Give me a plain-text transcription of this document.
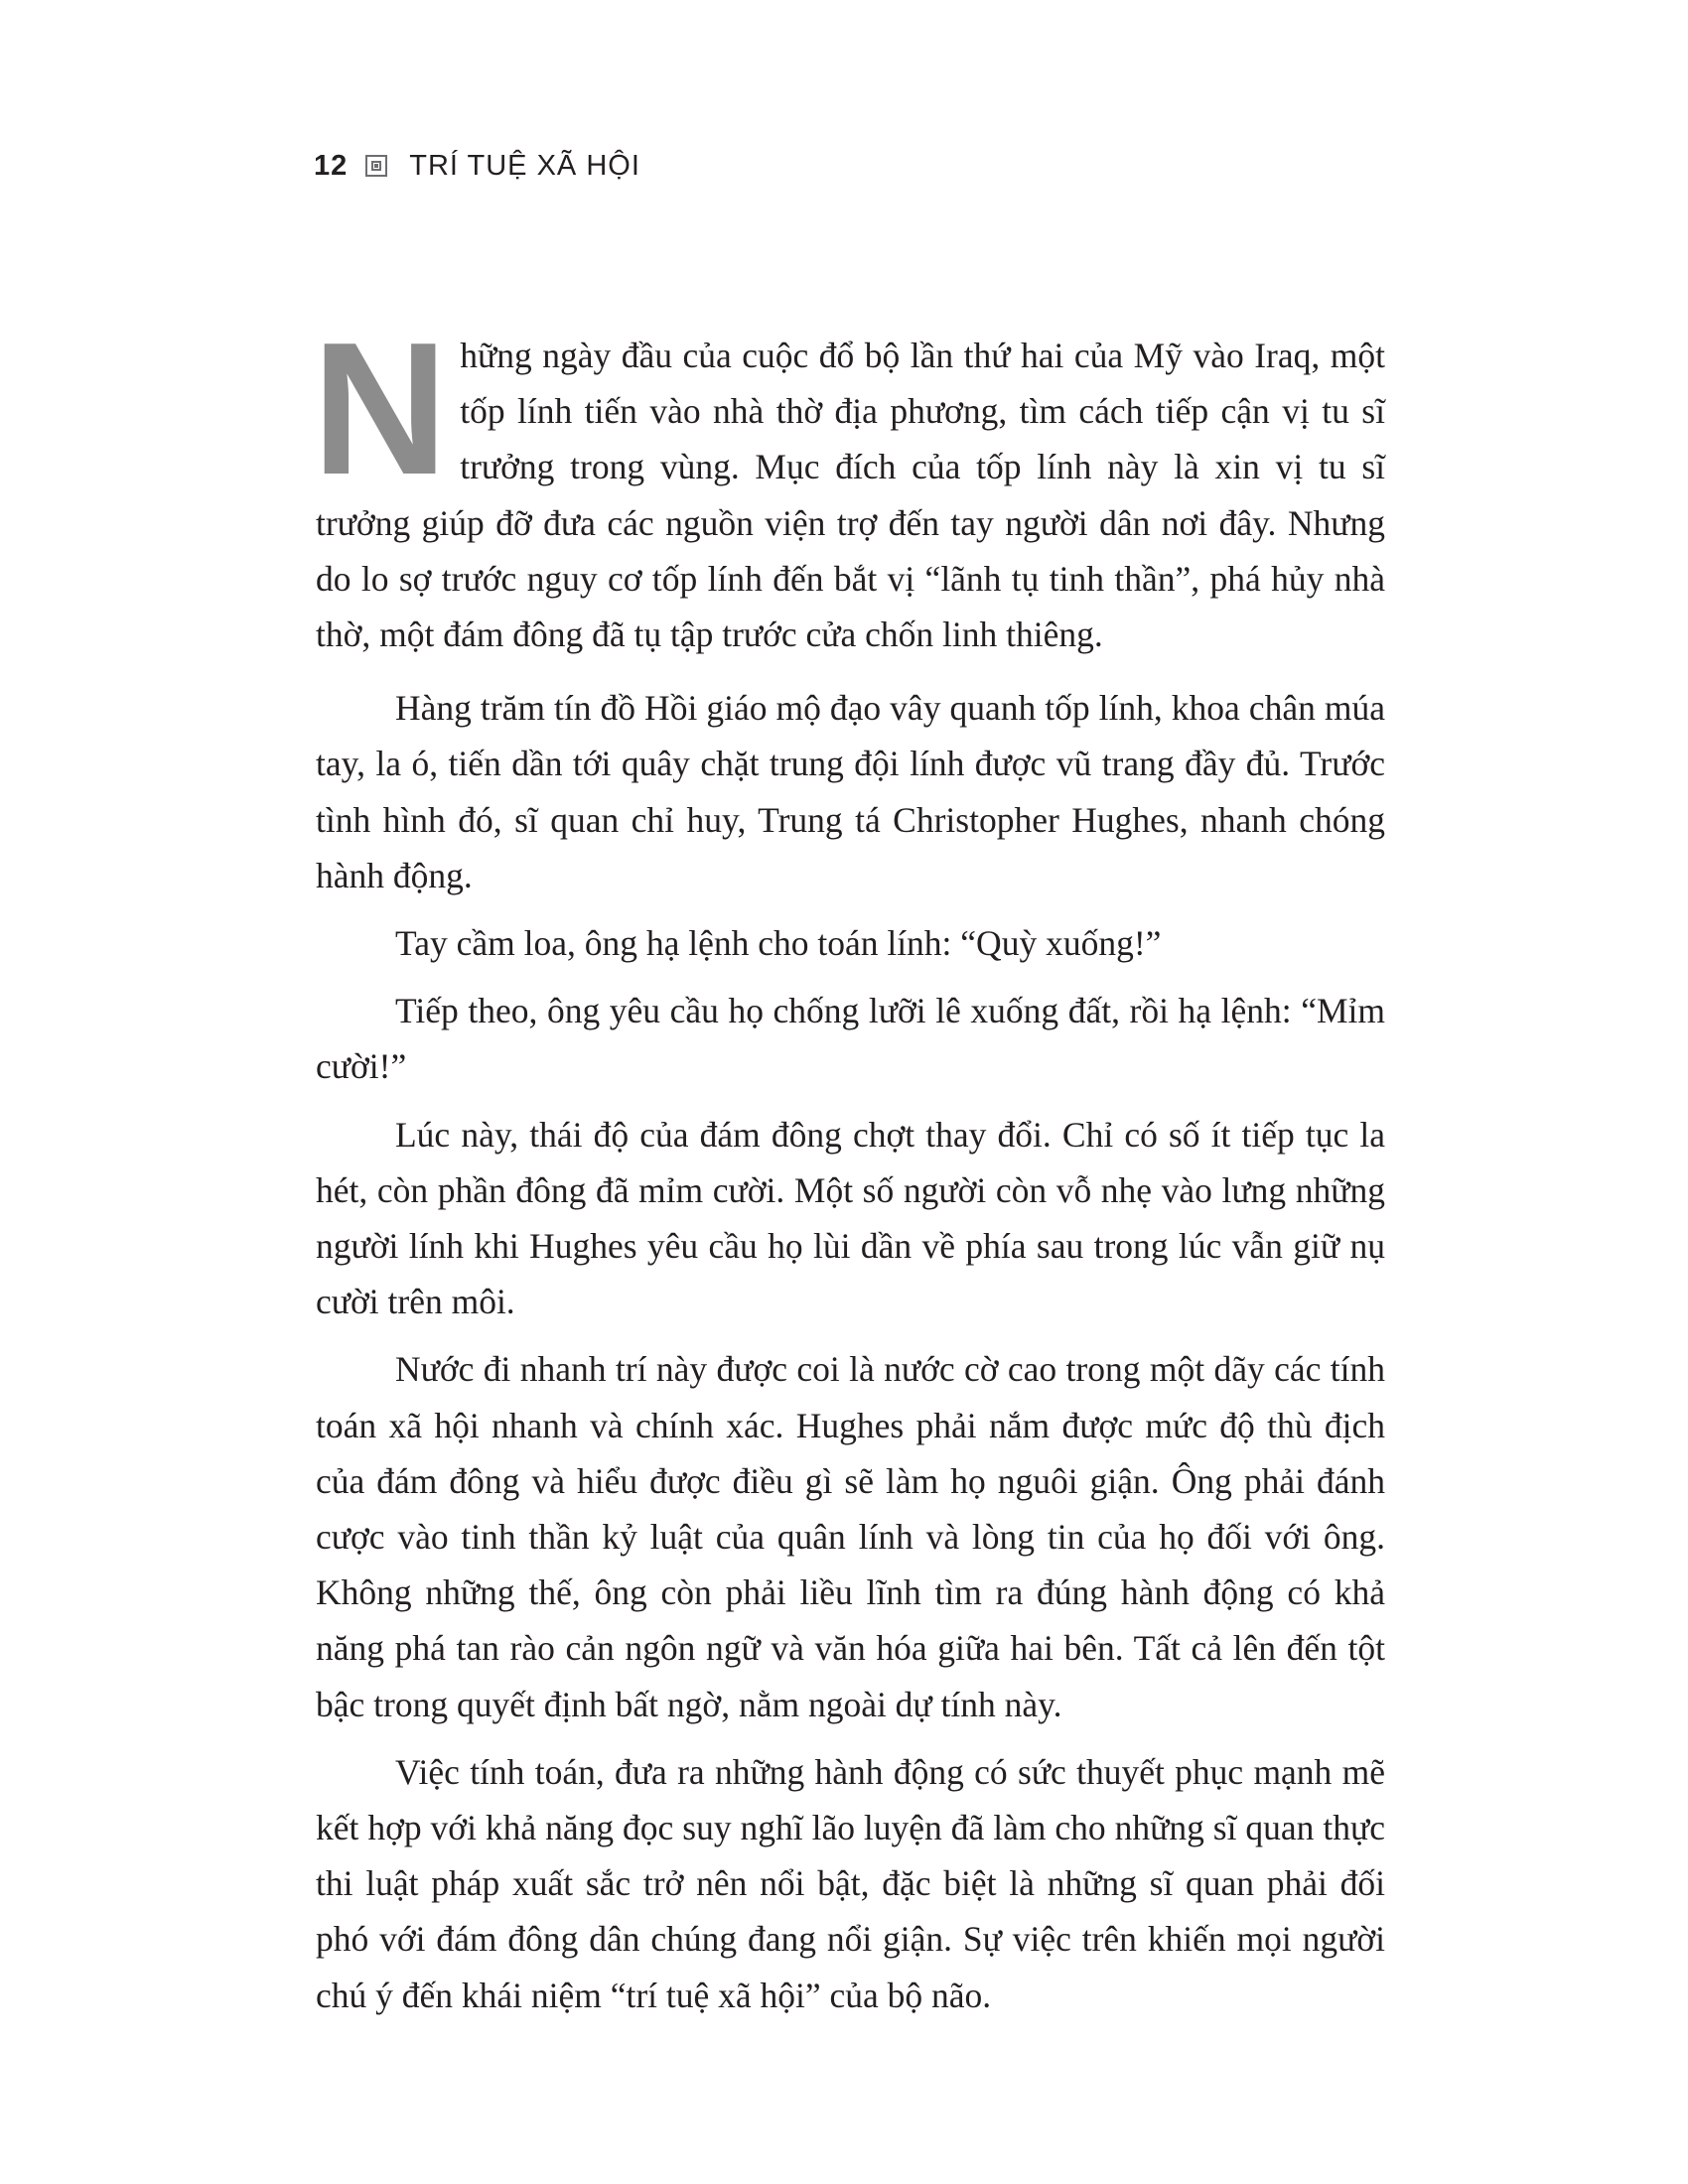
12 TRÍ TUỆ XÃ HỘI

Những ngày đầu của cuộc đổ bộ lần thứ hai của Mỹ vào Iraq, một tốp lính tiến vào nhà thờ địa phương, tìm cách tiếp cận vị tu sĩ trưởng trong vùng. Mục đích của tốp lính này là xin vị tu sĩ trưởng giúp đỡ đưa các nguồn viện trợ đến tay người dân nơi đây. Nhưng do lo sợ trước nguy cơ tốp lính đến bắt vị “lãnh tụ tinh thần”, phá hủy nhà thờ, một đám đông đã tụ tập trước cửa chốn linh thiêng.

Hàng trăm tín đồ Hồi giáo mộ đạo vây quanh tốp lính, khoa chân múa tay, la ó, tiến dần tới quây chặt trung đội lính được vũ trang đầy đủ. Trước tình hình đó, sĩ quan chỉ huy, Trung tá Christopher Hughes, nhanh chóng hành động.

Tay cầm loa, ông hạ lệnh cho toán lính: “Quỳ xuống!”

Tiếp theo, ông yêu cầu họ chống lưỡi lê xuống đất, rồi hạ lệnh: “Mỉm cười!”

Lúc này, thái độ của đám đông chợt thay đổi. Chỉ có số ít tiếp tục la hét, còn phần đông đã mỉm cười. Một số người còn vỗ nhẹ vào lưng những người lính khi Hughes yêu cầu họ lùi dần về phía sau trong lúc vẫn giữ nụ cười trên môi.

Nước đi nhanh trí này được coi là nước cờ cao trong một dãy các tính toán xã hội nhanh và chính xác. Hughes phải nắm được mức độ thù địch của đám đông và hiểu được điều gì sẽ làm họ nguôi giận. Ông phải đánh cược vào tinh thần kỷ luật của quân lính và lòng tin của họ đối với ông. Không những thế, ông còn phải liều lĩnh tìm ra đúng hành động có khả năng phá tan rào cản ngôn ngữ và văn hóa giữa hai bên. Tất cả lên đến tột bậc trong quyết định bất ngờ, nằm ngoài dự tính này.

Việc tính toán, đưa ra những hành động có sức thuyết phục mạnh mẽ kết hợp với khả năng đọc suy nghĩ lão luyện đã làm cho những sĩ quan thực thi luật pháp xuất sắc trở nên nổi bật, đặc biệt là những sĩ quan phải đối phó với đám đông dân chúng đang nổi giận. Sự việc trên khiến mọi người chú ý đến khái niệm “trí tuệ xã hội” của bộ não.
